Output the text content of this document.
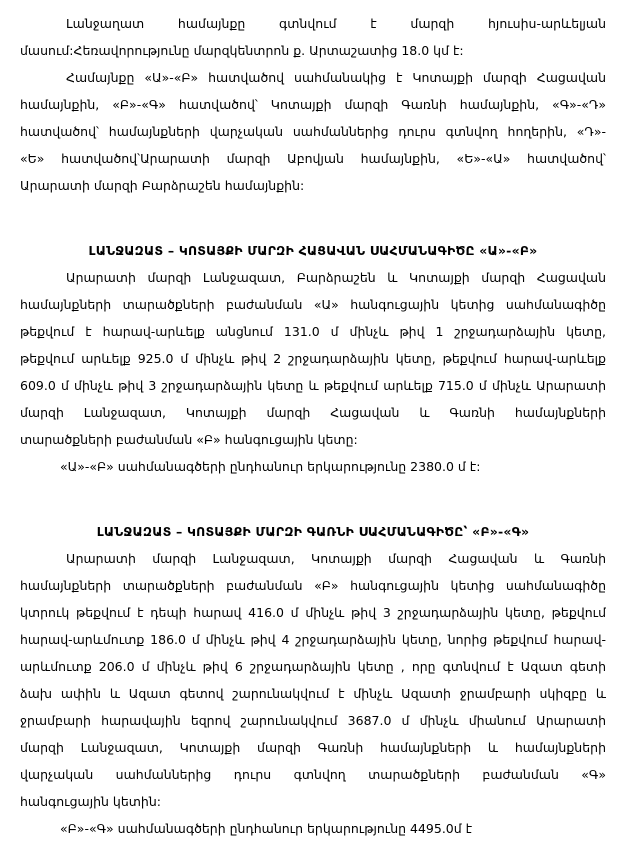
Լանջաղատ համայնքը գտնվում է մարզի հյուսիս-արևելյան
մասում:Հեռավորությունը մարզկենտրոն ք. Արտաշատից 18.0 կմ է:
Համայնքը «Ա»-«Բ» հատվածով սահմանակից է Կոտայքի մարզի Հացավան
համայնքին, «Բ»-«Գ» հատվածով՝ Կոտայքի մարզի Գառնի համայնքին, «Գ»-«Դ»
հատվածով՝ համայնքների վարչական սահմաններից դուրս գտնվող հողերին, «Դ»-
«Ե» հատվածով՝Արարատի մարզի Աբովյան համայնքին, «Ե»-«Ա» հատվածով՝
Արարատի մարզի Բարձրաշեն համայնքին:
ԼԱՆՋԱԶԱՏ – ԿՈՏԱՅՔԻ ՄԱՐԶԻ ՀԱՑԱՎԱՆ ՍԱՀՄԱՆԱԳԻԾԸ «Ա»-«Բ»
Արարատի մարզի Լանջազատ, Բարձրաշեն և Կոտայքի մարզի Հացավան
համայնքների տարածքների բաժանման «Ա» հանգուցային կետից սահմանագիծը
թեքվում է հարավ-արևելք անցնում 131.0 մ մինչև թիվ 1 շրջադարձային կետը,
թեքվում արևելք 925.0 մ մինչև թիվ 2 շրջադարձային կետը, թեքվում հարավ-արևելք
609.0 մ մինչև թիվ 3 շրջադարձային կետը և թեքվում արևելք 715.0 մ մինչև Արարատի
մարզի Լանջազատ, Կոտայքի մարզի Հացավան և Գառնի համայնքների
տարածքների բաժանման «Բ» հանգուցային կետը:
«Ա»-«Բ» սահմանագծերի ընդհանուր երկարությունը 2380.0 մ է:
ԼԱՆՋԱԶԱՏ – ԿՈՏԱՅՔԻ ՄԱՐԶԻ ԳԱՌՆԻ ՍԱՀՄԱՆԱԳԻԾԸ՝ «Բ»-«Գ»
Արարատի մարզի Լանջազատ, Կոտայքի մարզի Հացավան և Գառնի
համայնքների տարածքների բաժանման «Բ» հանգուցային կետից սահմանագիծը
կտրուկ թեքվում է դեպի հարավ 416.0 մ մինչև թիվ 3 շրջադարձային կետը, թեքվում
հարավ-արևմուտք 186.0 մ մինչև թիվ 4 շրջադարձային կետը, նորից թեքվում հարավ-
արևմուտք 206.0 մ մինչև թիվ 6 շրջադարձային կետը , որը գտնվում է Ազատ գետի
ձախ ափին և Ազատ գետով շարունակվում է մինչև Ազատի ջրամբարի սկիզբը և
ջրամբարի հարավային եզրով շարունակվում 3687.0 մ մինչև միանում Արարատի
մարզի Լանջազատ, Կոտայքի մարզի Գառնի համայնքների և համայնքների
վարչական սահմաններից դուրս գտնվող տարածքների բաժանման «Գ»
հանգուցային կետին:
«Բ»-«Գ» սահմանագծերի ընդհանուր երկարությունը 4495.0մ է
